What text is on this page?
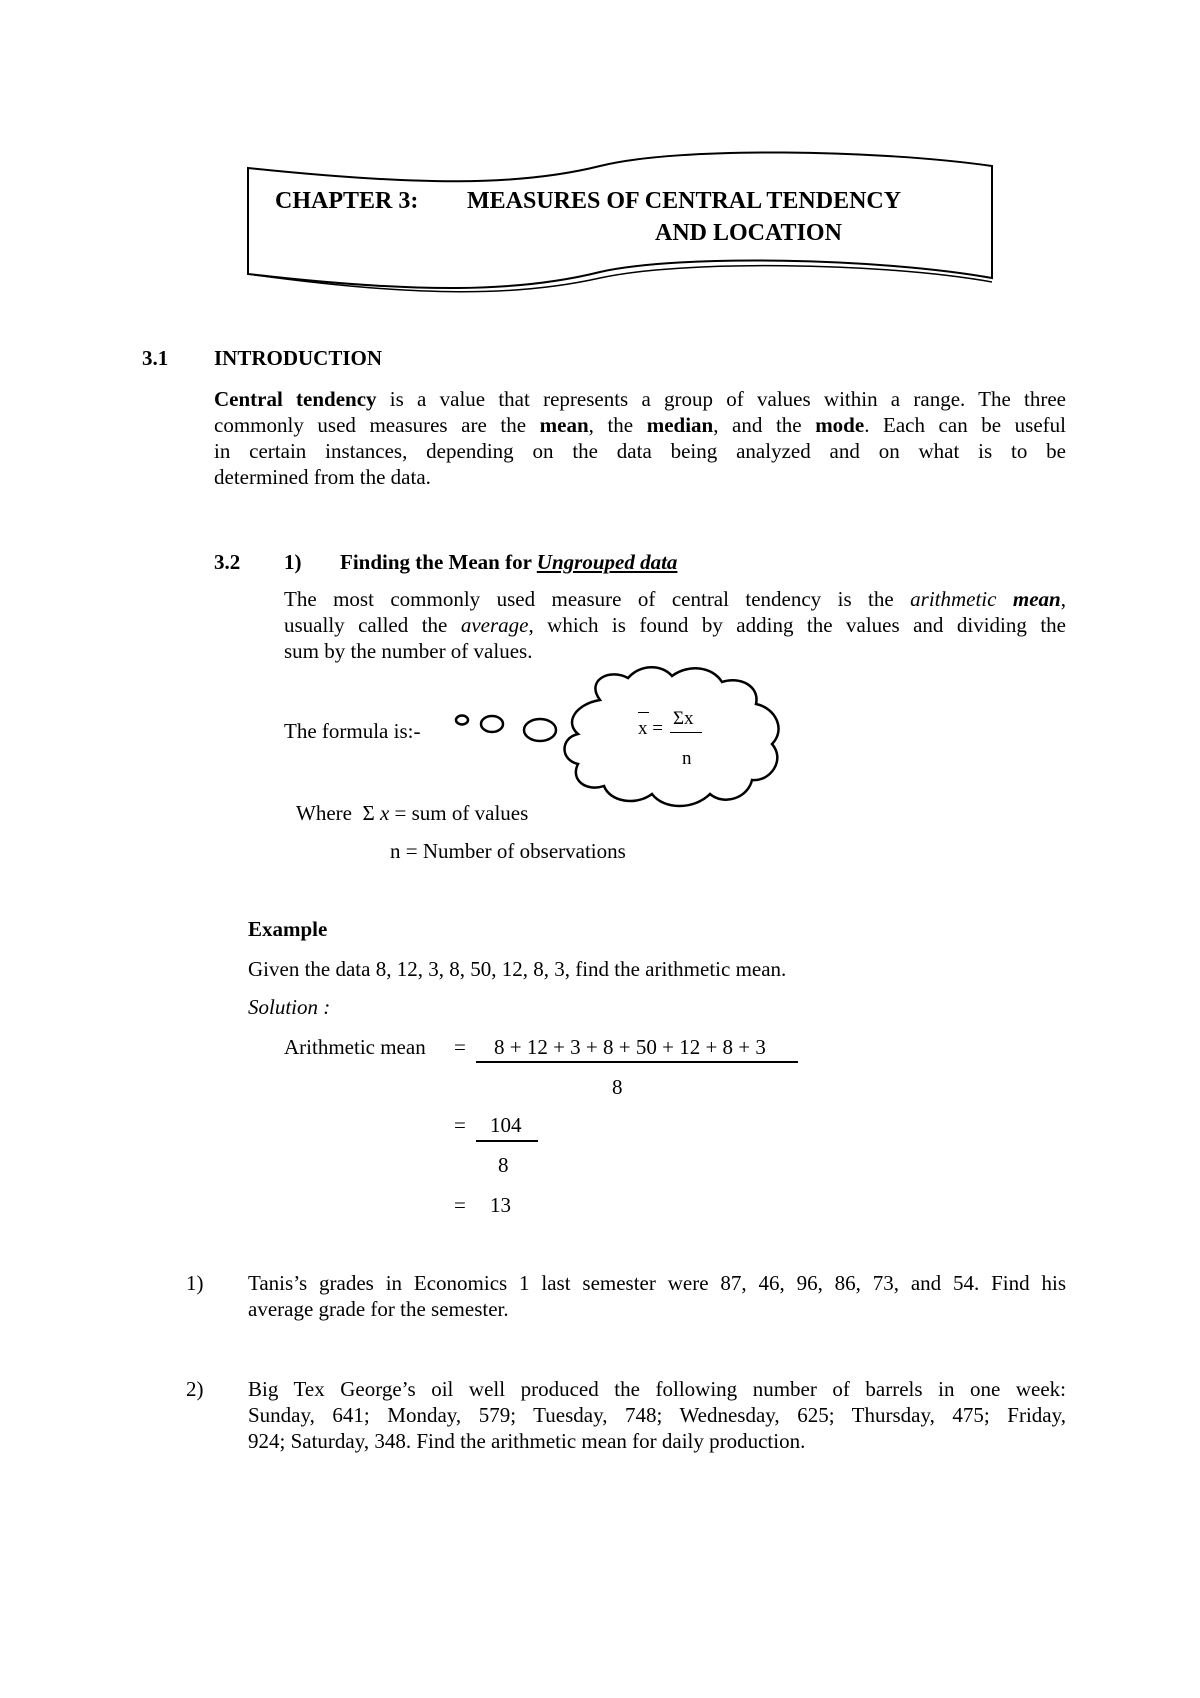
CHAPTER 3: MEASURES OF CENTRAL TENDENCY
AND LOCATION
3.1 INTRODUCTION
Central tendency is a value that represents a group of values within a range. The three
commonly used measures are the mean, the median, and the mode. Each can be useful
in certain instances, depending on the data being analyzed and on what is to be
determined from the data.
3.2 1) Finding the Mean for Ungrouped data
The most commonly used measure of central tendency is the arithmetic mean,
usually called the average, which is found by adding the values and dividing the
sum by the number of values.
The formula is:-	x = Σx
n
Where Σ x = sum of values
n = Number of observations
Example
Given the data 8, 12, 3, 8, 50, 12, 8, 3, find the arithmetic mean.
Solution :
Arithmetic mean = 8 + 12 + 3 + 8 + 50 + 12 + 8 + 3
8
= 104
8
= 13
1) Tanis’s grades in Economics 1 last semester were 87, 46, 96, 86, 73, and 54. Find his
average grade for the semester.
2) Big Tex George’s oil well produced the following number of barrels in one week:
Sunday, 641; Monday, 579; Tuesday, 748; Wednesday, 625; Thursday, 475; Friday,
924; Saturday, 348. Find the arithmetic mean for daily production.
